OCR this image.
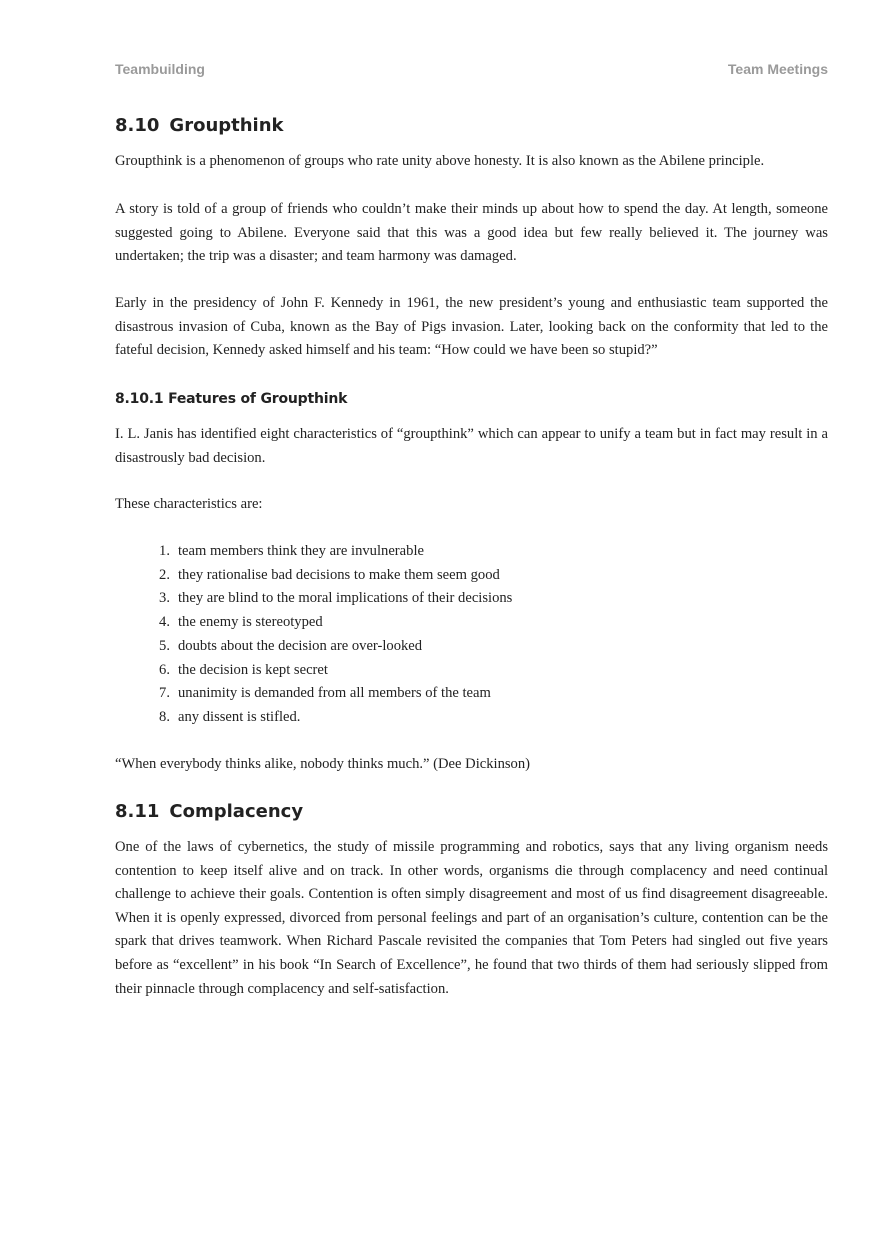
Teambuilding	Team Meetings
8.10 Groupthink

Groupthink is a phenomenon of groups who rate unity above honesty. It is also known as the Abilene principle.

A story is told of a group of friends who couldn’t make their minds up about how to spend the day. At length, someone suggested going to Abilene. Everyone said that this was a good idea but few really believed it. The journey was undertaken; the trip was a disaster; and team harmony was damaged.

Early in the presidency of John F. Kennedy in 1961, the new president’s young and enthusiastic team supported the disastrous invasion of Cuba, known as the Bay of Pigs invasion. Later, looking back on the conformity that led to the fateful decision, Kennedy asked himself and his team: “How could we have been so stupid?”

8.10.1 Features of Groupthink

I. L. Janis has identified eight characteristics of “groupthink” which can appear to unify a team but in fact may result in a disastrously bad decision.

These characteristics are:

1. team members think they are invulnerable
2. they rationalise bad decisions to make them seem good
3. they are blind to the moral implications of their decisions
4. the enemy is stereotyped
5. doubts about the decision are over-looked
6. the decision is kept secret
7. unanimity is demanded from all members of the team
8. any dissent is stifled.

“When everybody thinks alike, nobody thinks much.” (Dee Dickinson)

8.11 Complacency

One of the laws of cybernetics, the study of missile programming and robotics, says that any living organism needs contention to keep itself alive and on track. In other words, organisms die through complacency and need continual challenge to achieve their goals. Contention is often simply disagreement and most of us find disagreement disagreeable. When it is openly expressed, divorced from personal feelings and part of an organisation’s culture, contention can be the spark that drives teamwork. When Richard Pascale revisited the companies that Tom Peters had singled out five years before as “excellent” in his book “In Search of Excellence”, he found that two thirds of them had seriously slipped from their pinnacle through complacency and self-satisfaction.
